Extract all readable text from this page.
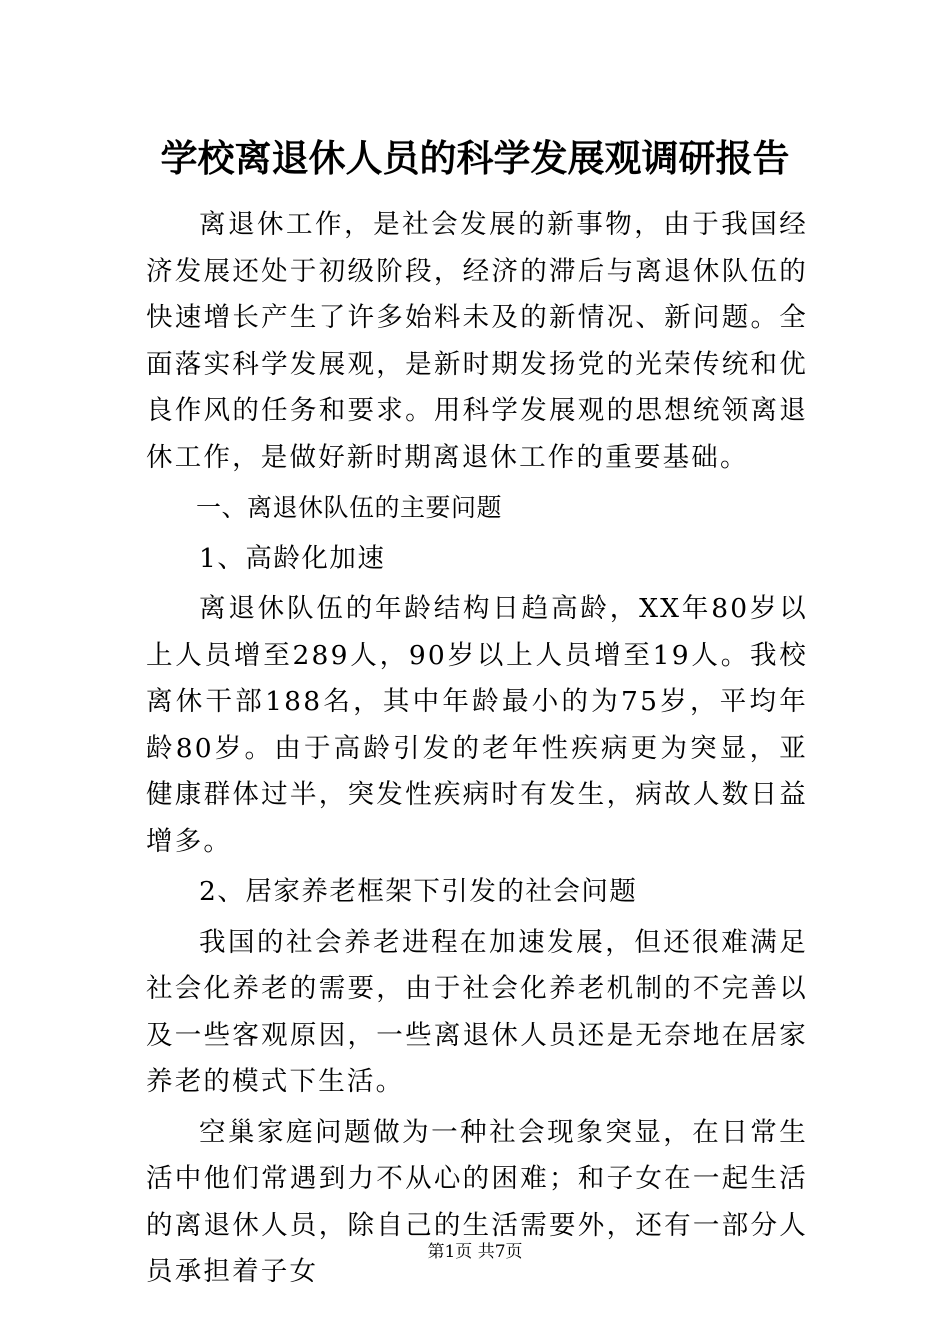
学校离退休人员的科学发展观调研报告

离退休工作，是社会发展的新事物，由于我国经济发展还处于初级阶段，经济的滞后与离退休队伍的快速增长产生了许多始料未及的新情况、新问题。全面落实科学发展观，是新时期发扬党的光荣传统和优良作风的任务和要求。用科学发展观的思想统领离退休工作，是做好新时期离退休工作的重要基础。

一、离退休队伍的主要问题

1、高龄化加速

离退休队伍的年龄结构日趋高龄，XX年80岁以上人员增至289人，90岁以上人员增至19人。我校离休干部188名，其中年龄最小的为75岁，平均年龄80岁。由于高龄引发的老年性疾病更为突显，亚健康群体过半，突发性疾病时有发生，病故人数日益增多。

2、居家养老框架下引发的社会问题

我国的社会养老进程在加速发展，但还很难满足社会化养老的需要，由于社会化养老机制的不完善以及一些客观原因，一些离退休人员还是无奈地在居家养老的模式下生活。

空巢家庭问题做为一种社会现象突显，在日常生活中他们常遇到力不从心的困难；和子女在一起生活的离退休人员，除自己的生活需要外，还有一部分人员承担着子女

第1页 共7页
